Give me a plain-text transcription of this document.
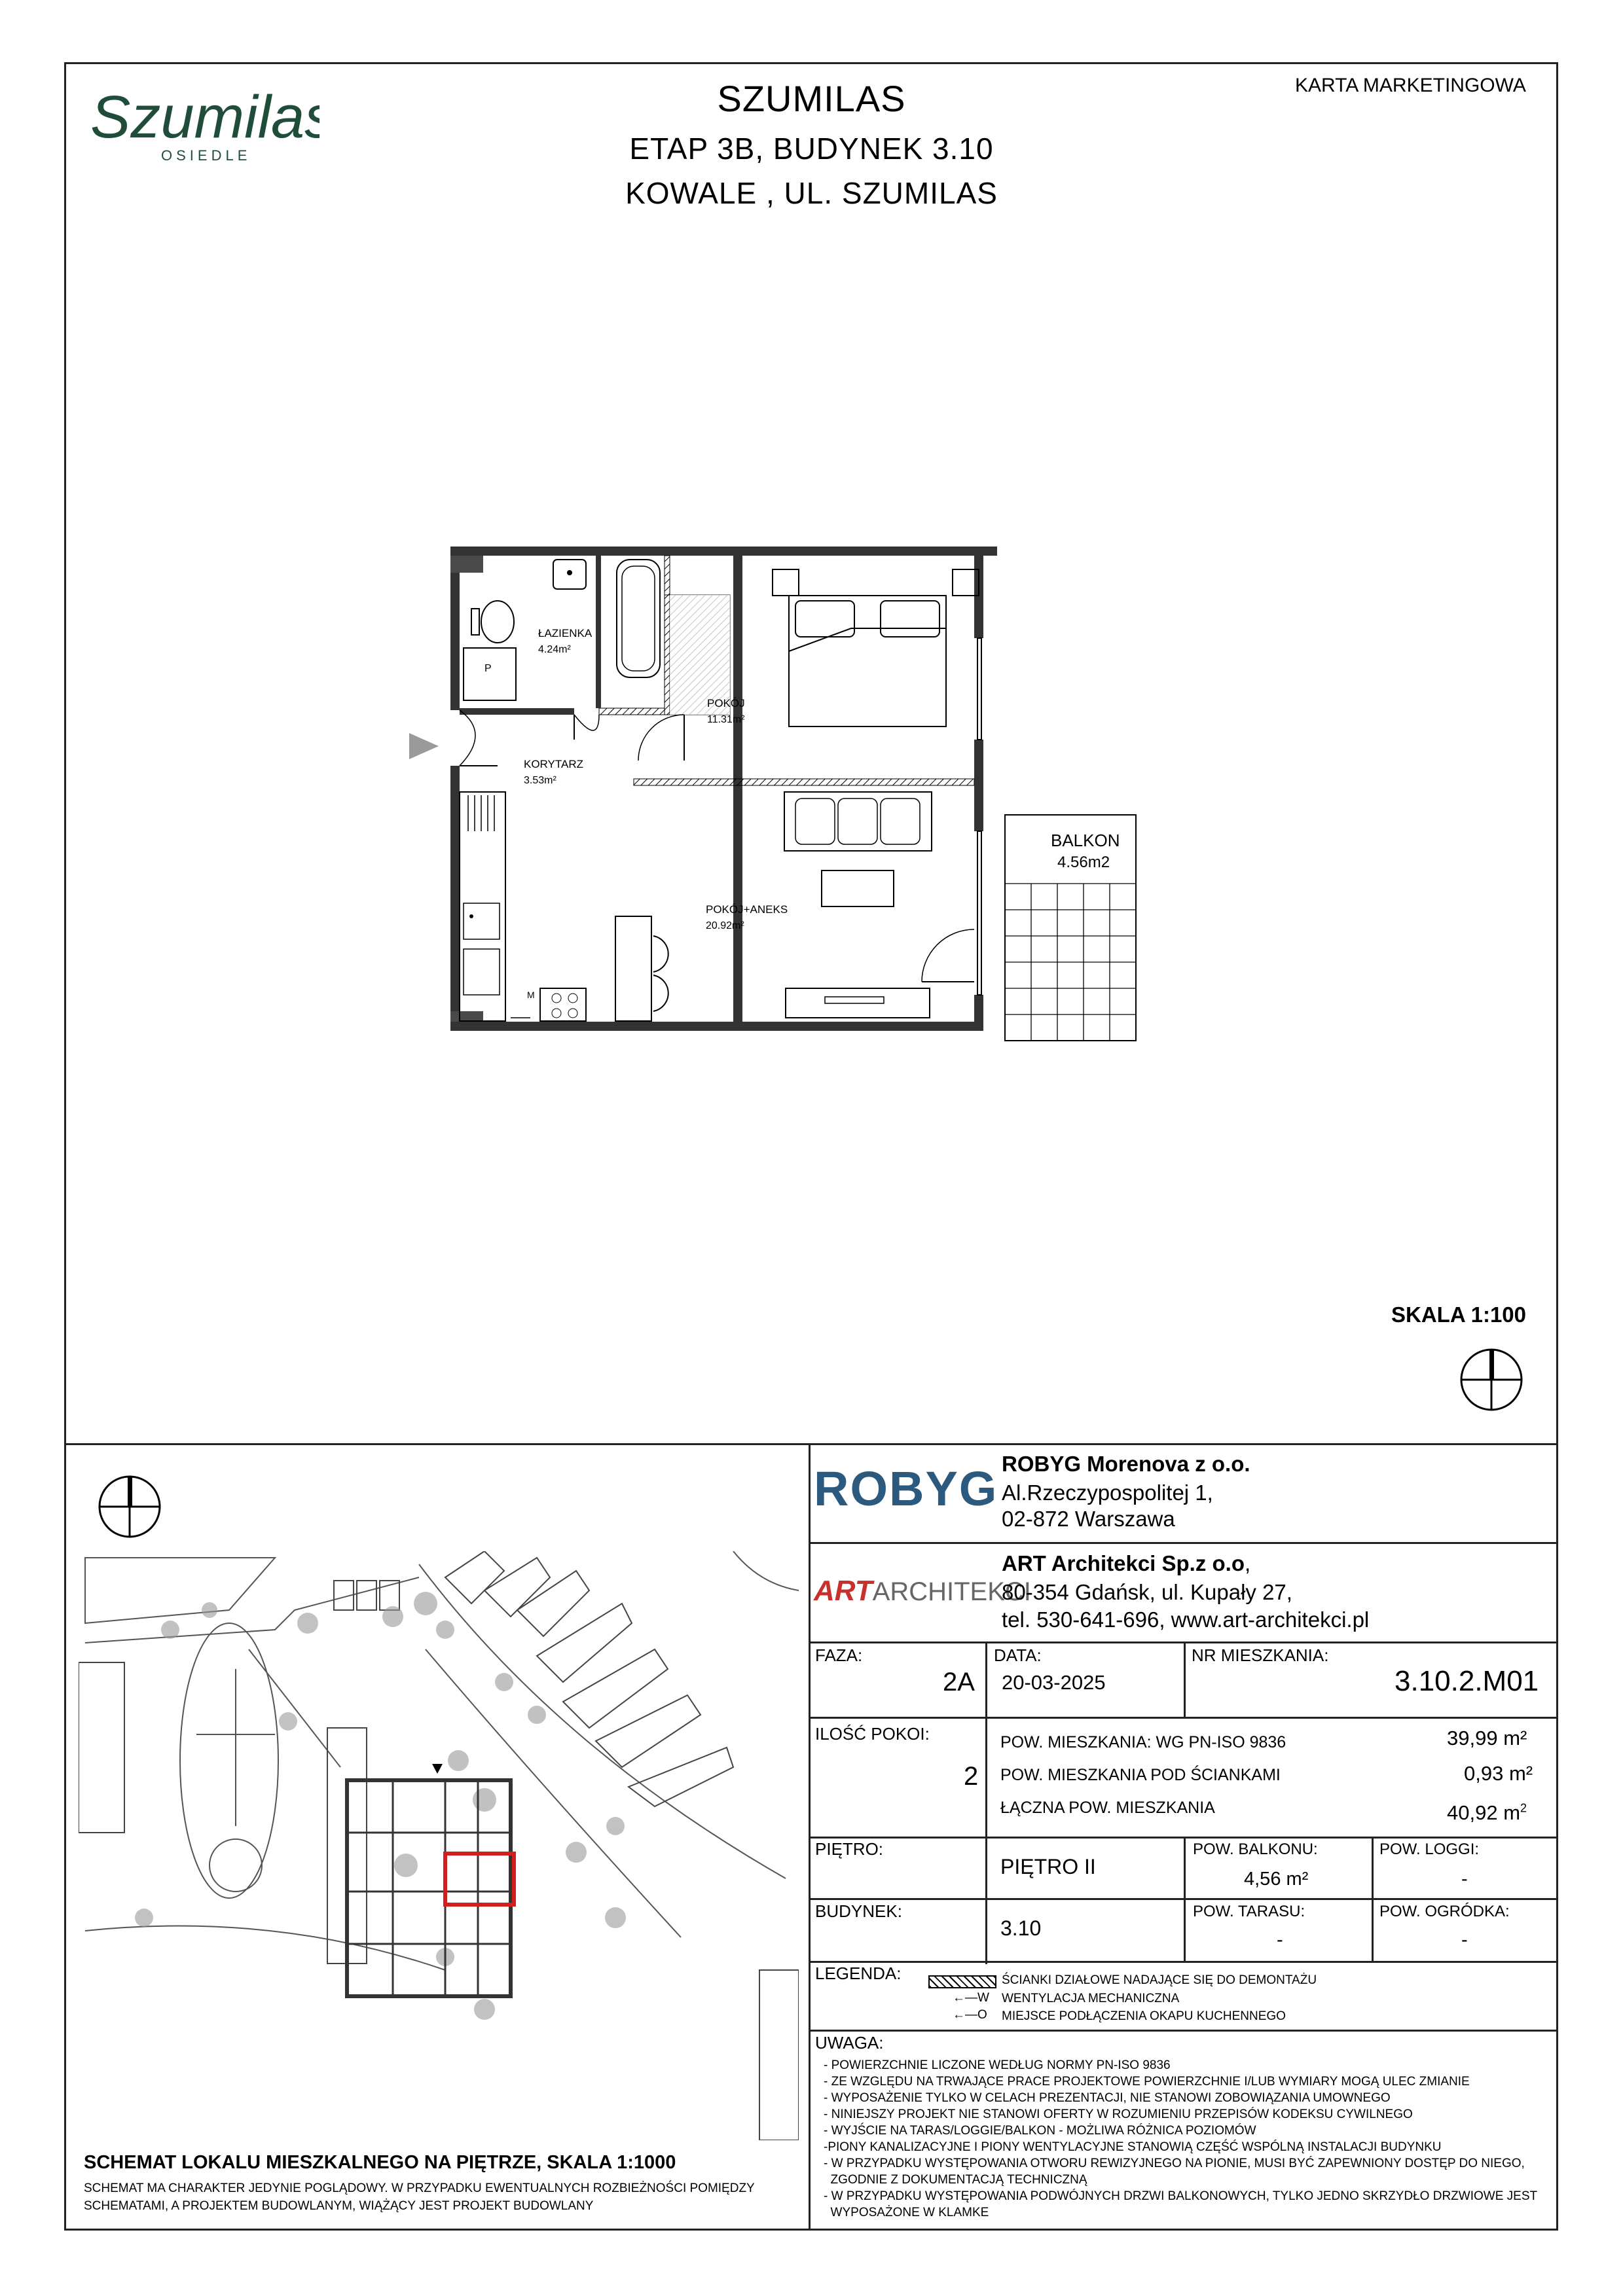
Szumilas
OSIEDLE
SZUMILAS
ETAP 3B, BUDYNEK 3.10
KOWALE , UL. SZUMILAS
KARTA MARKETINGOWA
P
M
ŁAZIENKA
4.24m²
POKÓJ
11.31m²
KORYTARZ
3.53m²
POKÓJ+ANEKS
20.92m²
BALKON
4.56m2
SKALA 1:100
SCHEMAT LOKALU MIESZKALNEGO NA PIĘTRZE, SKALA 1:1000
SCHEMAT MA CHARAKTER JEDYNIE POGLĄDOWY. W PRZYPADKU EWENTUALNYCH ROZBIEŻNOŚCI POMIĘDZY
SCHEMATAMI, A PROJEKTEM BUDOWLANYM, WIĄŻĄCY JEST PROJEKT BUDOWLANY
ROBYG ROBYG Morenova z o.o.
Al.Rzeczypospolitej 1,
02-872 Warszawa
ARTARCHITEKCI
ART Architekci Sp.z o.o,
80-354 Gdańsk, ul. Kupały 27,
tel. 530-641-696, www.art-architekci.pl
FAZA:
2A
DATA:
20-03-2025
NR MIESZKANIA:
3.10.2.M01
ILOŚĆ POKOI:
2
POW. MIESZKANIA: WG PN-ISO 9836	39,99 m²
POW. MIESZKANIA POD ŚCIANKAMI	0,93 m²
ŁĄCZNA POW. MIESZKANIA	40,92 $m^2$
PIĘTRO:
PIĘTRO II
POW. BALKONU:
4,56 m²
POW. LOGGI:
-
BUDYNEK:
3.10
POW. TARASU:
-
POW. OGRÓDKA:
-
LEGENDA:	ŚCIANKI DZIAŁOWE NADAJĄCE SIĘ DO DEMONTAŻU
←—W WENTYLACJA MECHANICZNA
←—O MIEJSCE PODŁĄCZENIA OKAPU KUCHENNEGO
UWAGA:
- POWIERZCHNIE LICZONE WEDŁUG NORMY PN-ISO 9836
- ZE WZGLĘDU NA TRWAJĄCE PRACE PROJEKTOWE POWIERZCHNIE I/LUB WYMIARY MOGĄ ULEC ZMIANIE
- WYPOSAŻENIE TYLKO W CELACH PREZENTACJI, NIE STANOWI ZOBOWIĄZANIA UMOWNEGO
- NINIEJSZY PROJEKT NIE STANOWI OFERTY W ROZUMIENIU PRZEPISÓW KODEKSU CYWILNEGO
- WYJŚCIE NA TARAS/LOGGIE/BALKON - MOŻLIWA RÓŻNICA POZIOMÓW
-PIONY KANALIZACYJNE I PIONY WENTYLACYJNE STANOWIĄ CZĘŚĆ WSPÓLNĄ INSTALACJI BUDYNKU
- W PRZYPADKU WYSTĘPOWANIA OTWORU REWIZYJNEGO NA PIONIE, MUSI BYĆ ZAPEWNIONY DOSTĘP DO NIEGO,
ZGODNIE Z DOKUMENTACJĄ TECHNICZNĄ
- W PRZYPADKU WYSTĘPOWANIA PODWÓJNYCH DRZWI BALKONOWYCH, TYLKO JEDNO SKRZYDŁO DRZWIOWE JEST
WYPOSAŻONE W KLAMKE
